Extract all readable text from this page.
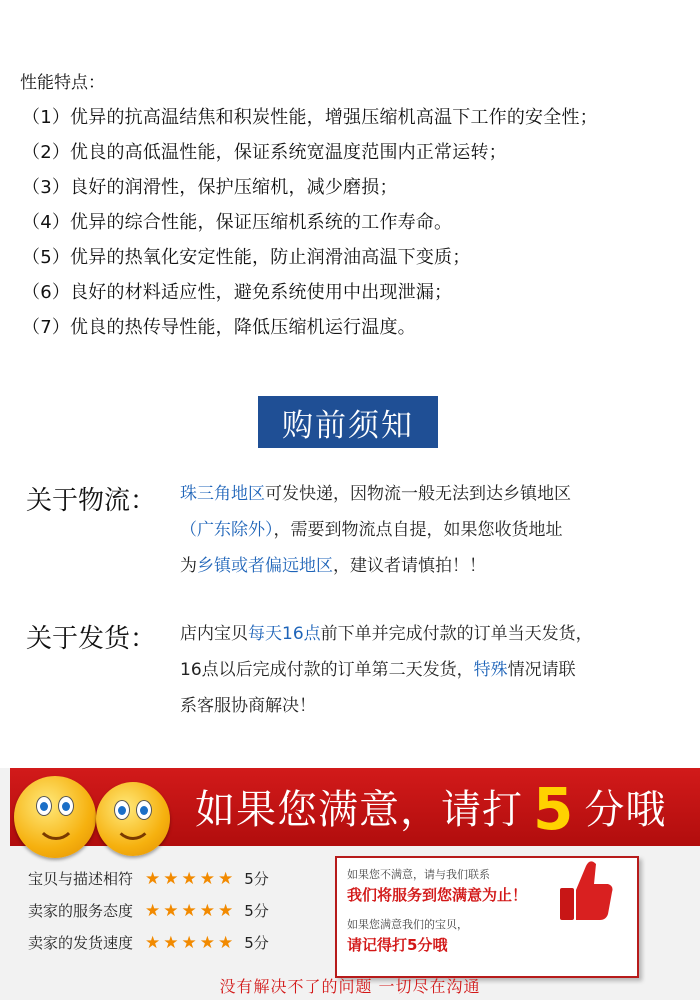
性能特点：
（1）优异的抗高温结焦和积炭性能，增强压缩机高温下工作的安全性；
（2）优良的高低温性能，保证系统宽温度范围内正常运转；
（3）良好的润滑性，保护压缩机，减少磨损；
（4）优异的综合性能，保证压缩机系统的工作寿命。
（5）优异的热氧化安定性能，防止润滑油高温下变质；
（6）良好的材料适应性，避免系统使用中出现泄漏；
（7）优良的热传导性能，降低压缩机运行温度。
购前须知
关于物流： 珠三角地区可发快递，因物流一般无法到达乡镇地区
（广东除外），需要到物流点自提，如果您收货地址
为乡镇或者偏远地区，建议者请慎拍！！
关于发货： 店内宝贝每天16点前下单并完成付款的订单当天发货，
16点以后完成付款的订单第二天发货，特殊情况请联
系客服协商解决！
如果您满意，请打 5 分哦
宝贝与描述相符 ★★★★★ 5分
卖家的服务态度 ★★★★★ 5分
卖家的发货速度 ★★★★★ 5分
如果您不满意，请与我们联系
我们将服务到您满意为止！
如果您满意我们的宝贝，
请记得打5分哦
没有解决不了的问题 一切尽在沟通
